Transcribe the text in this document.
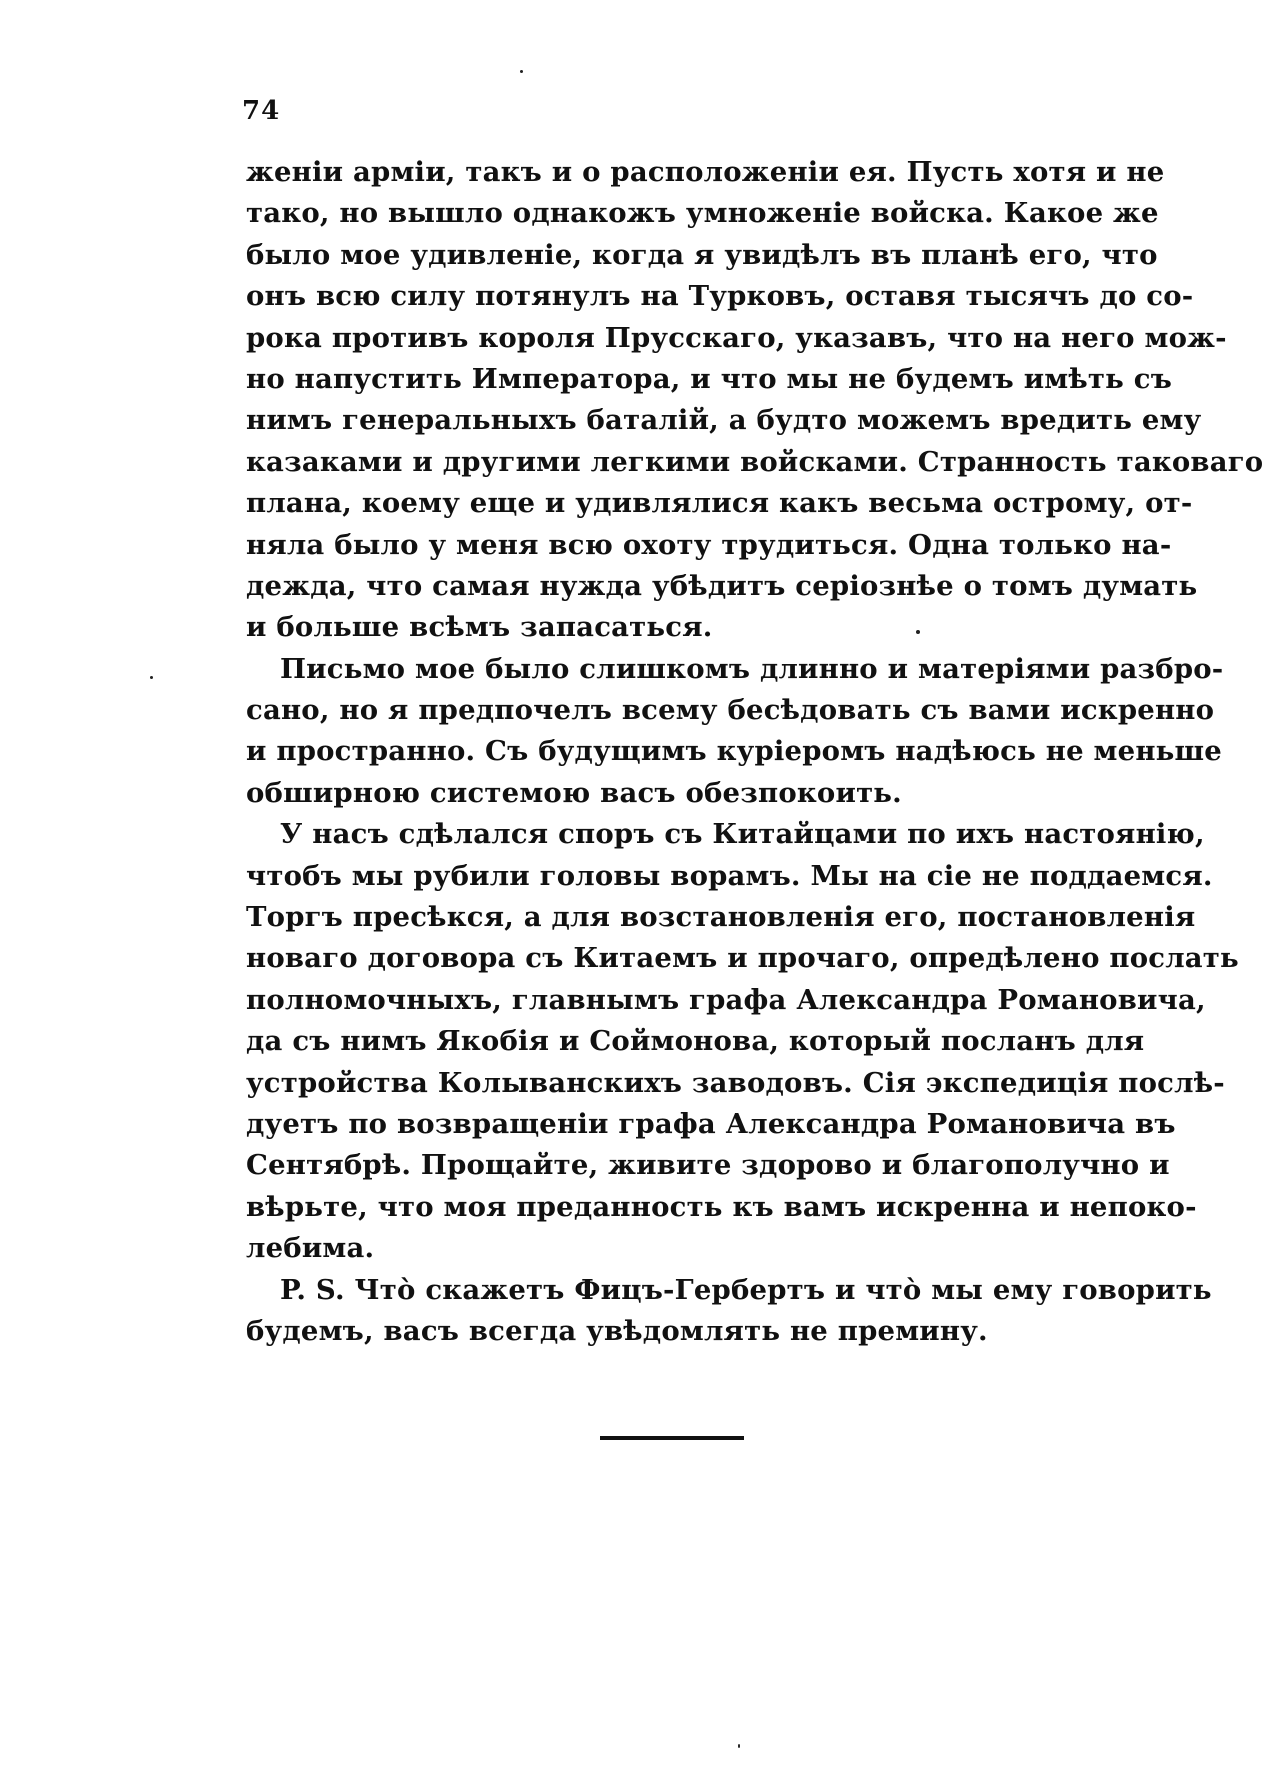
74
женіи арміи, такъ и о расположеніи ея. Пусть хотя и не
тако, но вышло однакожъ умноженіе войска. Какое же
было мое удивленіе, когда я увидѣлъ въ планѣ его, что
онъ всю силу потянулъ на Турковъ, оставя тысячъ до со-
рока противъ короля Прусскаго, указавъ, что на него мож-
но напустить Императора, и что мы не будемъ имѣть съ
нимъ генеральныхъ баталій, а будто можемъ вредить ему
казаками и другими легкими войсками. Странность таковаго
плана, коему еще и удивлялися какъ весьма острому, от-
няла было у меня всю охоту трудиться. Одна только на-
дежда, что самая нужда убѣдитъ серіознѣе о томъ думать
и больше всѣмъ запасаться.
Письмо мое было слишкомъ длинно и матеріями разбро-
сано, но я предпочелъ всему бесѣдовать съ вами искренно
и пространно. Съ будущимъ курiеромъ надѣюсь не меньше
обширною системою васъ обезпокоить.
У насъ сдѣлался споръ съ Китайцами по ихъ настоянію,
чтобъ мы рубили головы ворамъ. Мы на сіе не поддаемся.
Торгъ пресѣкся, а для возстановленія его, постановленія
новаго договора съ Китаемъ и прочаго, опредѣлено послать
полномочныхъ, главнымъ графа Александра Романовича,
да съ нимъ Якобія и Соймонова, который посланъ для
устройства Колыванскихъ заводовъ. Сія экспедиція послѣ-
дуетъ по возвращеніи графа Александра Романовича въ
Сентябрѣ. Прощайте, живите здорово и благополучно и
вѣрьте, что моя преданность къ вамъ искренна и непоко-
лебима.
P. S. Чтò скажетъ Фицъ-Гербертъ и чтò мы ему говорить
будемъ, васъ всегда увѣдомлять не премину.
